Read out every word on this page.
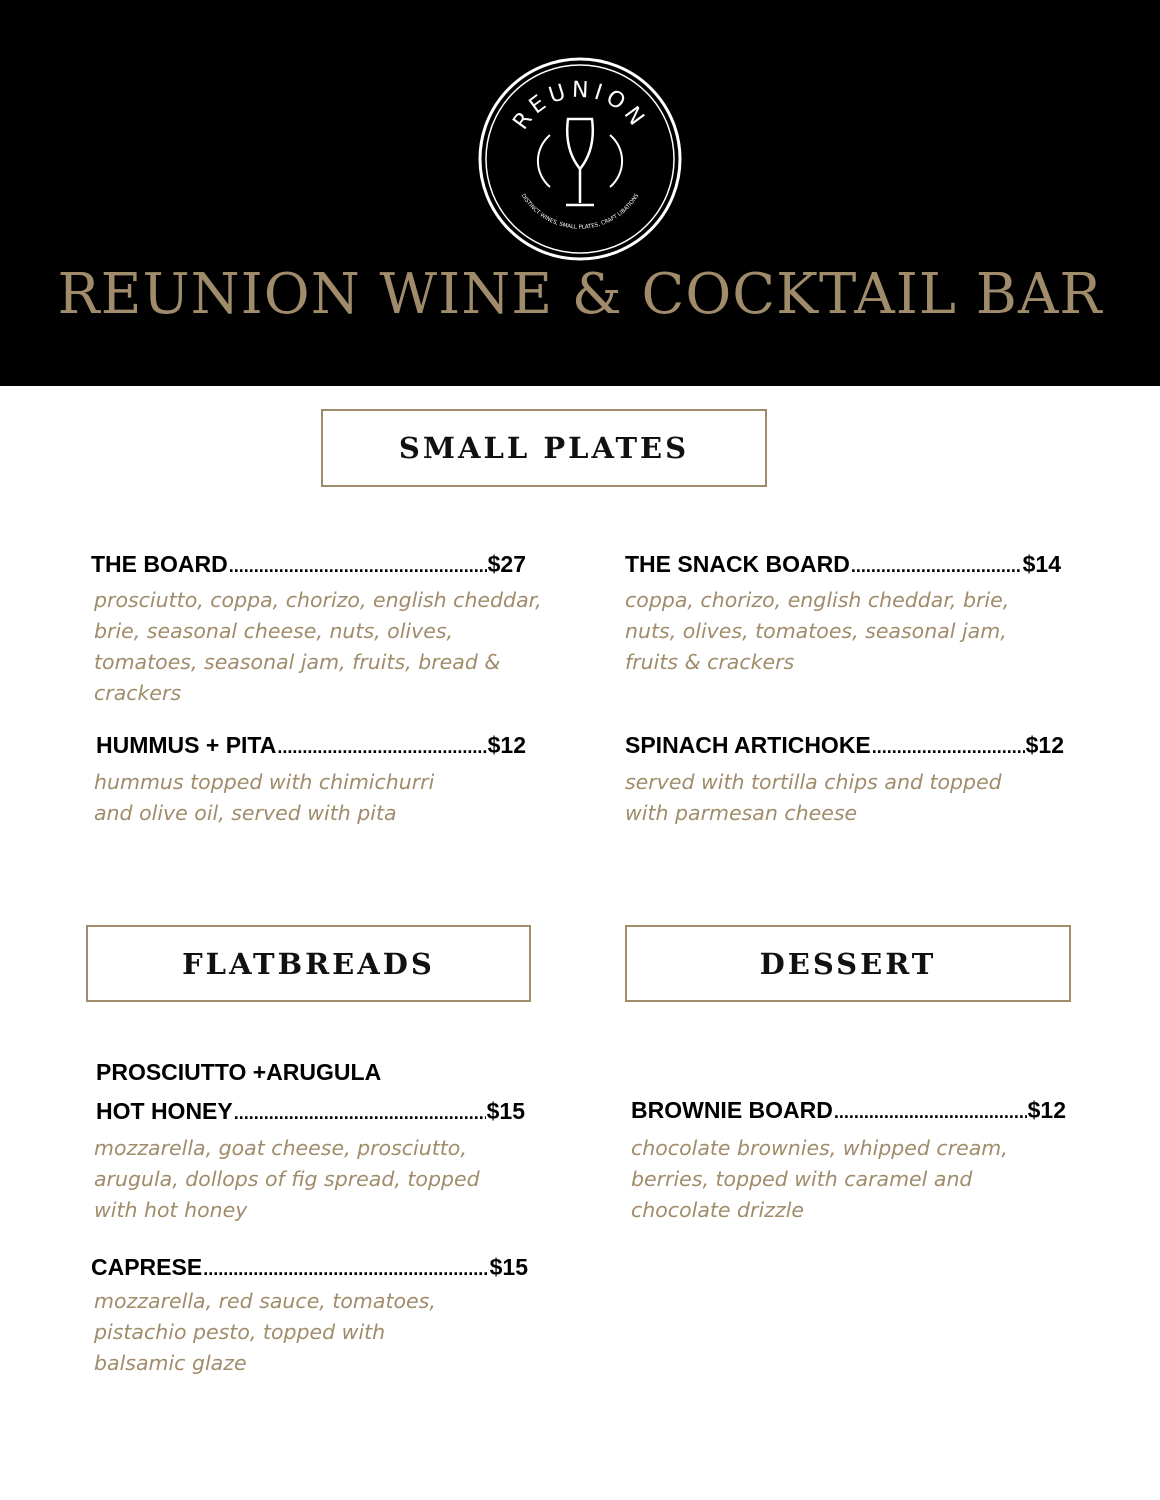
REUNION
DISTINCT WINES, SMALL PLATES, CRAFT LIBATIONS
REUNION WINE & COCKTAIL BAR
SMALL PLATES
THE BOARD .....	$27
prosciutto, coppa, chorizo, english cheddar,
brie, seasonal cheese, nuts, olives,
tomatoes, seasonal jam, fruits, bread &
crackers
THE SNACK BOARD .....	$14
coppa, chorizo, english cheddar, brie,
nuts, olives, tomatoes, seasonal jam,
fruits & crackers
HUMMUS + PITA .....	$12
hummus topped with chimichurri
and olive oil, served with pita
SPINACH ARTICHOKE .....	$12
served with tortilla chips and topped
with parmesan cheese
FLATBREADS	DESSERT
PROSCIUTTO +ARUGULA
HOT HONEY .....	$15
mozzarella, goat cheese, prosciutto,
arugula, dollops of fig spread, topped
with hot honey
CAPRESE .....	$15
mozzarella, red sauce, tomatoes,
pistachio pesto, topped with
balsamic glaze
BROWNIE BOARD .....	$12
chocolate brownies, whipped cream,
berries, topped with caramel and
chocolate drizzle
